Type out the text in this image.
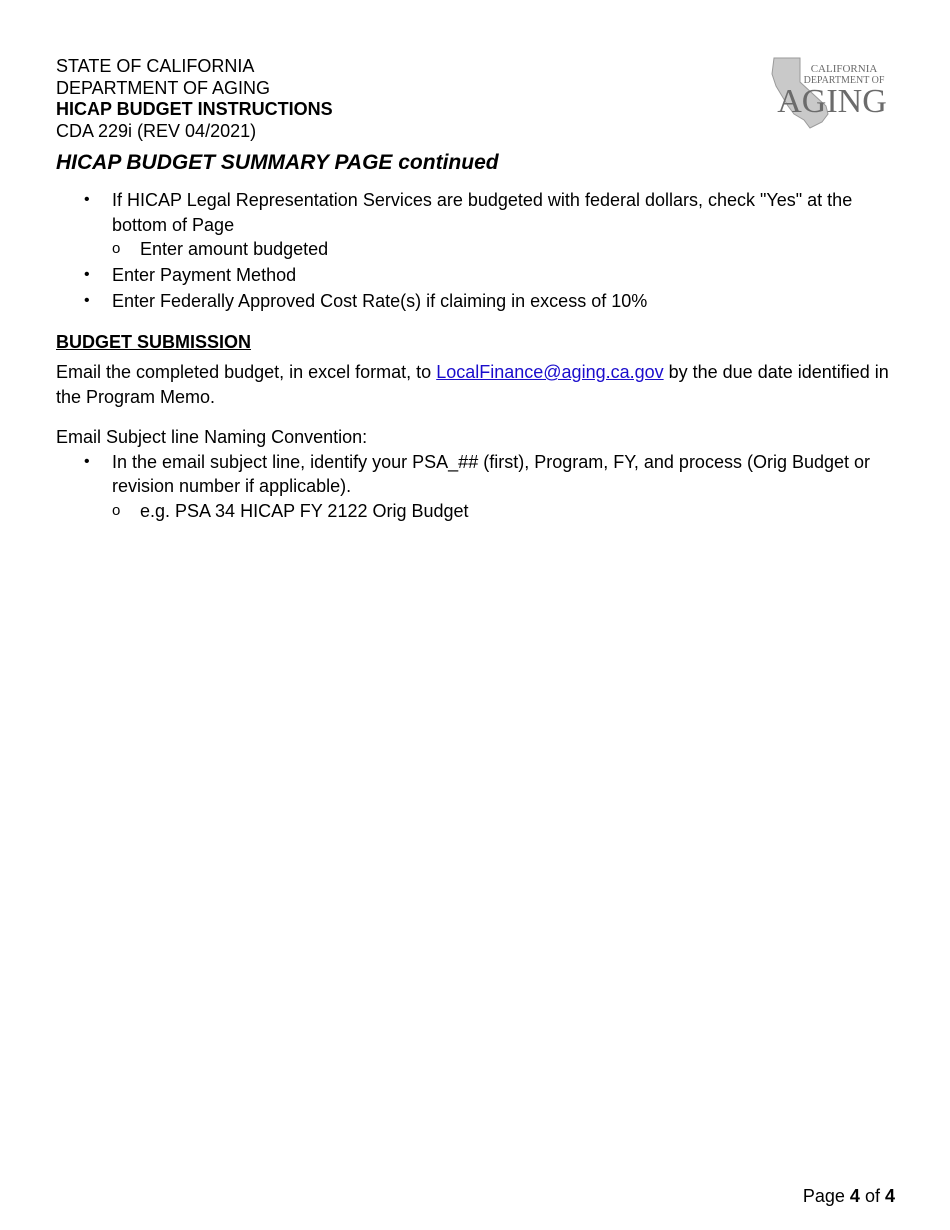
STATE OF CALIFORNIA
DEPARTMENT OF AGING
HICAP BUDGET INSTRUCTIONS
CDA 229i (REV 04/2021)
CALIFORNIA
DEPARTMENT OF
AGING
HICAP BUDGET SUMMARY PAGE continued
• If HICAP Legal Representation Services are budgeted with federal dollars, check "Yes" at the bottom of Page
o Enter amount budgeted
• Enter Payment Method
• Enter Federally Approved Cost Rate(s) if claiming in excess of 10%
BUDGET SUBMISSION

Email the completed budget, in excel format, to LocalFinance@aging.ca.gov by the due date identified in the Program Memo.

Email Subject line Naming Convention:

• In the email subject line, identify your PSA_## (first), Program, FY, and process (Orig Budget or revision number if applicable).
o e.g. PSA 34 HICAP FY 2122 Orig Budget
Page 4 of 4
